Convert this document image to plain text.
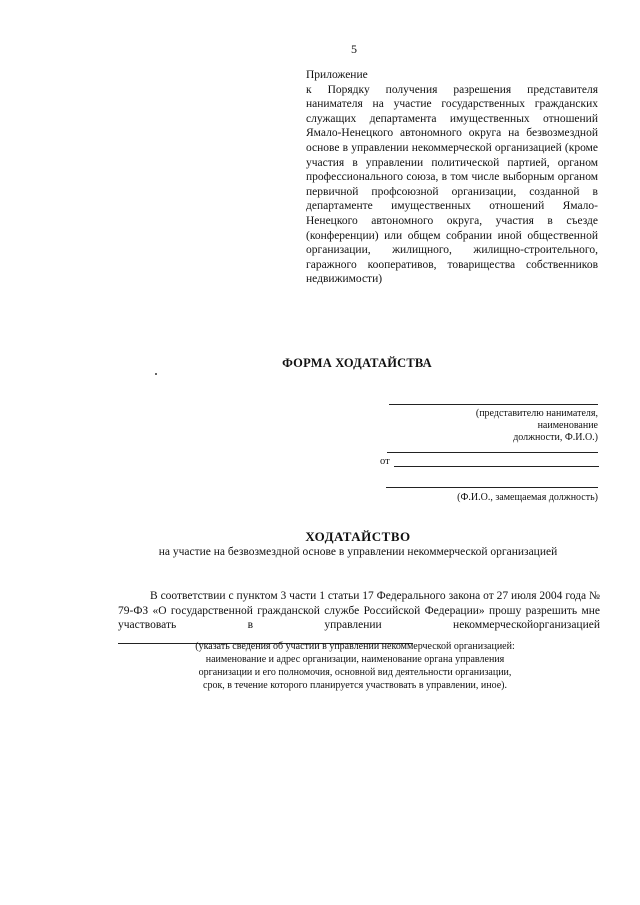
5
Приложение
к Порядку получения разрешения представителя нанимателя на участие государственных гражданских служащих департамента имущественных отношений Ямало-Ненецкого автономного округа на безвозмездной основе в управлении некоммерческой организацией (кроме участия в управлении политической партией, органом профессионального союза, в том числе выборным органом первичной профсоюзной организации, созданной в департаменте имущественных отношений Ямало-Ненецкого автономного округа, участия в съезде (конференции) или общем собрании иной общественной организации, жилищного, жилищно-строительного, гаражного кооперативов, товарищества собственников недвижимости)
ФОРМА ХОДАТАЙСТВА
(представителю нанимателя,
наименование
должности, Ф.И.О.)
от
(Ф.И.О., замещаемая должность)
ХОДАТАЙСТВО
на участие на безвозмездной основе в управлении некоммерческой организацией
В соответствии с пунктом 3 части 1 статьи 17 Федерального закона от 27 июля 2004 года № 79-ФЗ «О государственной гражданской службе Российской Федерации» прошу разрешить мне участвовать в управлении некоммерческойорганизацией
(указать сведения об участии в управлении некоммерческой организацией:
наименование и адрес организации, наименование органа управления
организации и его полномочия, основной вид деятельности организации,
срок, в течение которого планируется участвовать в управлении, иное).
